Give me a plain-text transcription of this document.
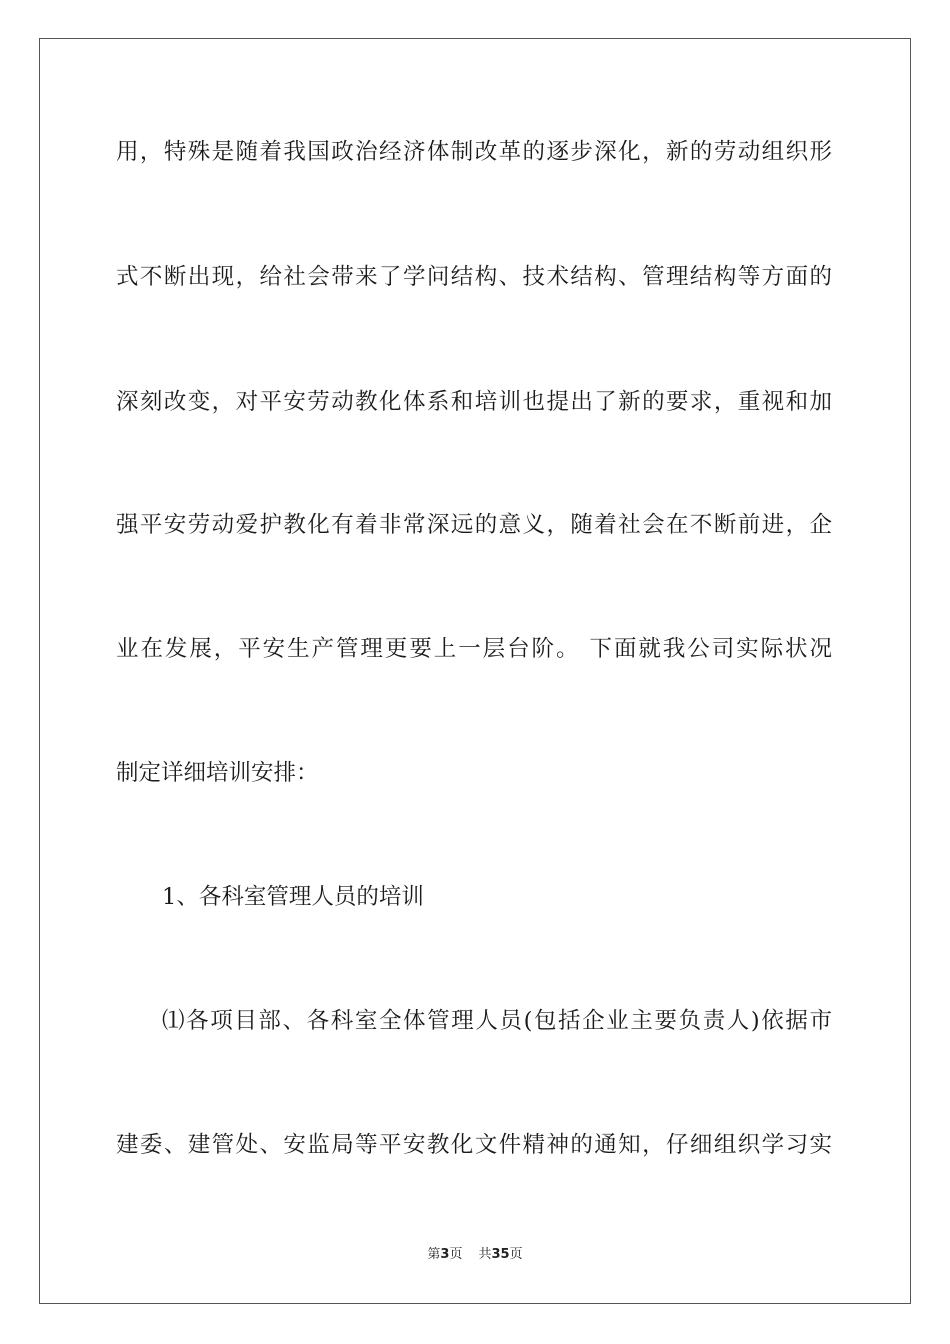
用，特殊是随着我国政治经济体制改革的逐步深化，新的劳动组织形
式不断出现，给社会带来了学问结构、技术结构、管理结构等方面的
深刻改变，对平安劳动教化体系和培训也提出了新的要求，重视和加
强平安劳动爱护教化有着非常深远的意义，随着社会在不断前进，企
业在发展，平安生产管理更要上一层台阶。 下面就我公司实际状况
制定详细培训安排：
1、各科室管理人员的培训
⑴各项目部、各科室全体管理人员(包括企业主要负责人)依据市
建委、建管处、安监局等平安教化文件精神的通知，仔细组织学习实
第3页 共35页
